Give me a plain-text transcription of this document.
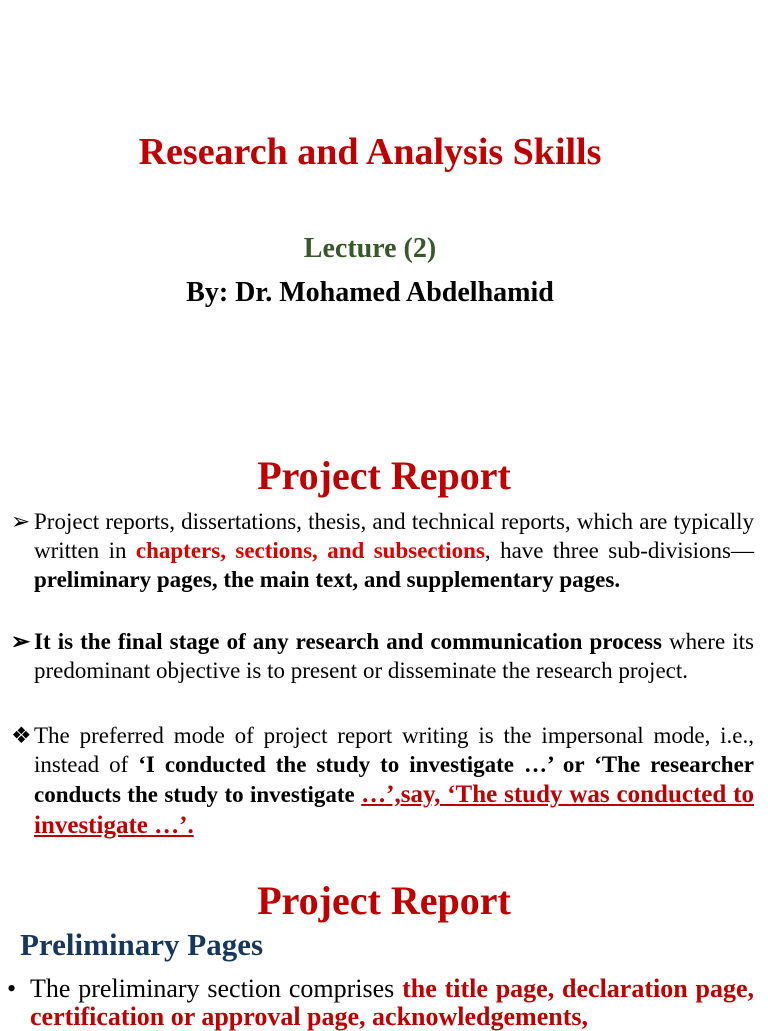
Research and Analysis Skills
Lecture (2)
By: Dr. Mohamed Abdelhamid
Project Report

➢ Project reports, dissertations, thesis, and technical reports, which are typically written in chapters, sections, and subsections, have three sub-divisions—preliminary pages, the main text, and supplementary pages.

➢ It is the final stage of any research and communication process where its predominant objective is to present or disseminate the research project.

❖ The preferred mode of project report writing is the impersonal mode, i.e., instead of ‘I conducted the study to investigate …’ or ‘The researcher conducts the study to investigate …’,say, ‘The study was conducted to investigate …’.

Project Report
Preliminary Pages

• The preliminary section comprises the title page, declaration page, certification or approval page, acknowledgements,
